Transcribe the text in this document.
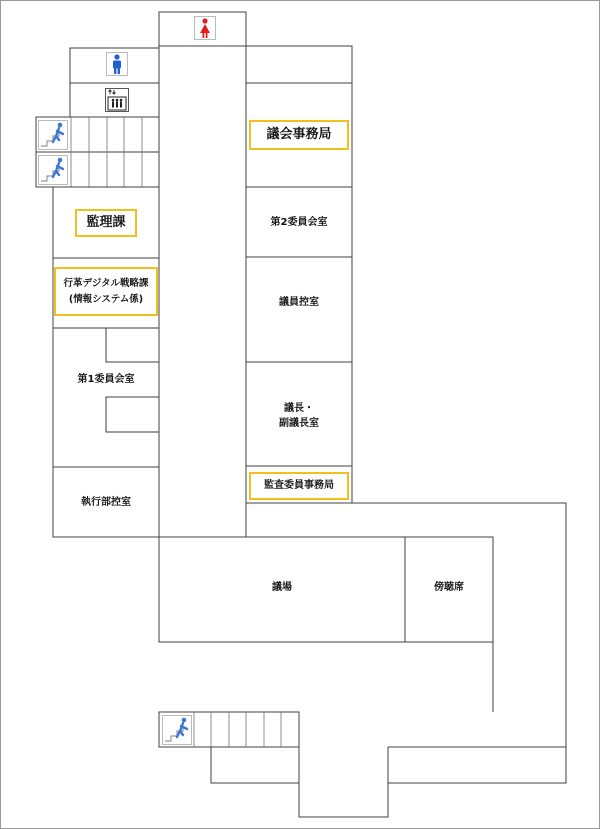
議会事務局
監理課
行革デジタル戦略課
(情報システム係)
第2委員会室
議員控室
議長・
副議長室
監査委員事務局
第1委員会室
執行部控室
議場	傍聴席
